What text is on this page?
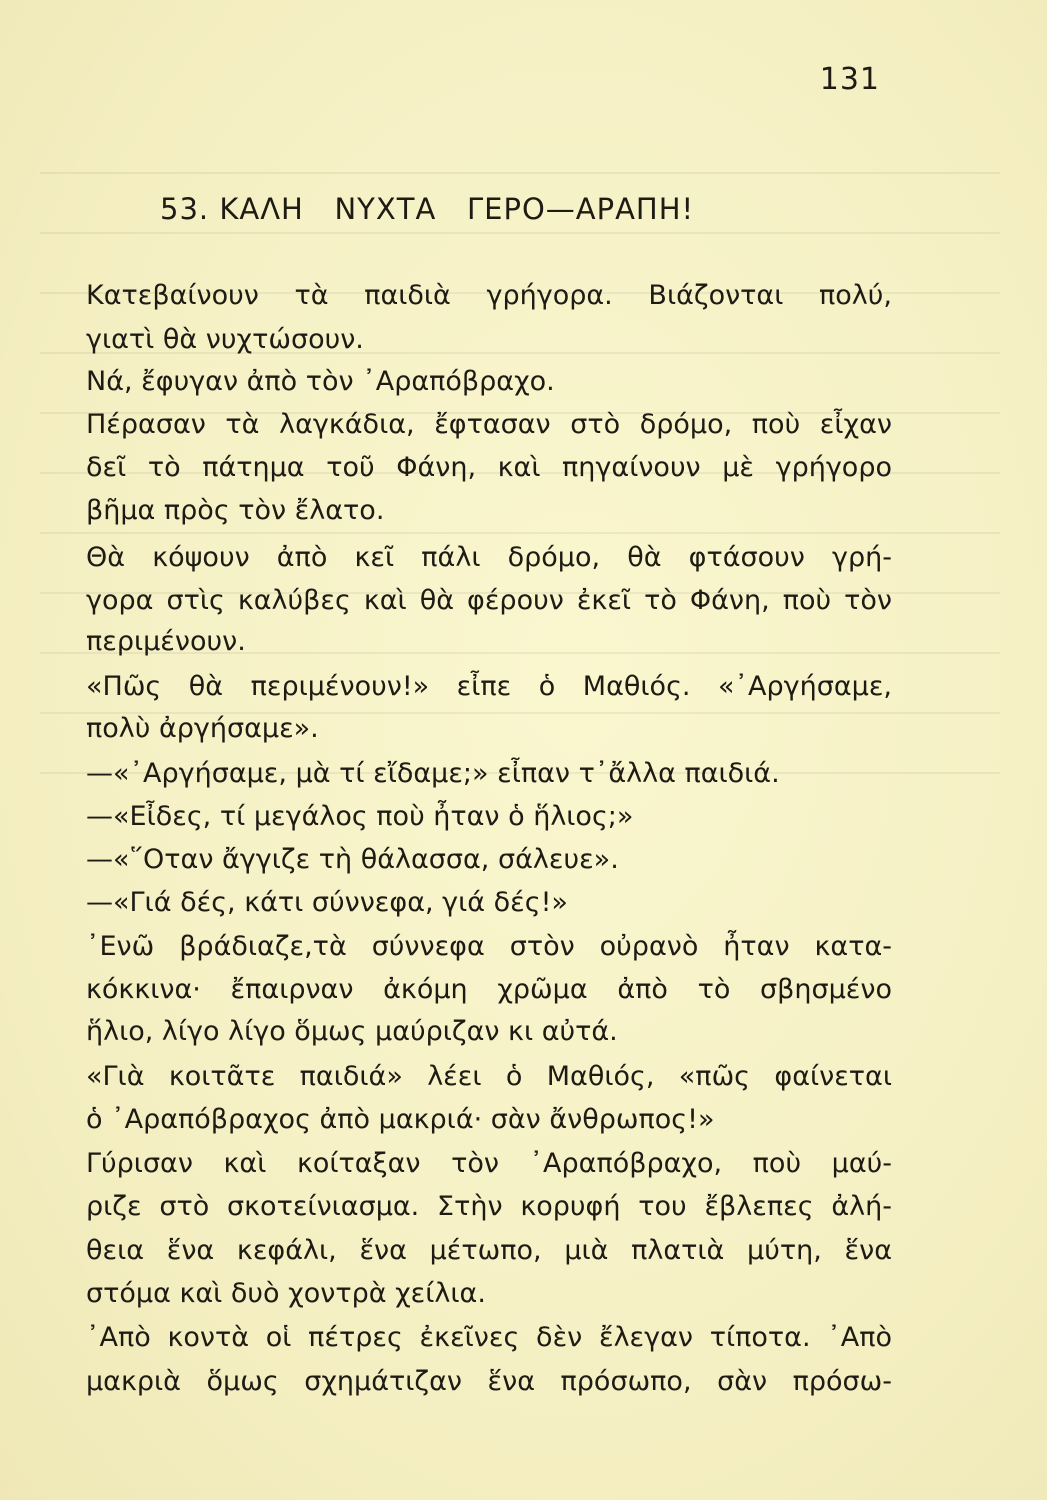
131
53. ΚΑΛΗ   ΝΥΧΤΑ   ΓΕΡΟ—ΑΡΑΠΗ!
Κατεβαίνουν τὰ παιδιὰ γρήγορα. Βιάζονται πολύ,
γιατὶ θὰ νυχτώσουν.
Νά, ἔφυγαν ἀπὸ τὸν ᾿Αραπόβραχο.
Πέρασαν τὰ λαγκάδια, ἔφτασαν στὸ δρόμο, ποὺ εἶχαν
δεῖ τὸ πάτημα τοῦ Φάνη, καὶ πηγαίνουν μὲ γρήγορο
βῆμα πρὸς τὸν ἔλατο.
Θὰ κόψουν ἀπὸ κεῖ πάλι δρόμο, θὰ φτάσουν γρή-
γορα στὶς καλύβες καὶ θὰ φέρουν ἐκεῖ τὸ Φάνη, ποὺ τὸν
περιμένουν.
«Πῶς θὰ περιμένουν!» εἶπε ὁ Μαθιός. «᾿Αργήσαμε,
πολὺ ἀργήσαμε».
—«᾿Αργήσαμε, μὰ τί εἴδαμε;» εἶπαν τ᾿ἄλλα παιδιά.
—«Εἶδες, τί μεγάλος ποὺ ἦταν ὁ ἥλιος;»
—«῞Οταν ἄγγιζε τὴ θάλασσα, σάλευε».
—«Γιά δές, κάτι σύννεφα, γιά δές!»
᾿Ενῶ βράδιαζε,τὰ σύννεφα στὸν οὐρανὸ ἦταν κατα-
κόκκινα· ἔπαιρναν ἀκόμη χρῶμα ἀπὸ τὸ σβησμένο
ἥλιο, λίγο λίγο ὅμως μαύριζαν κι αὐτά.
«Γιὰ κοιτᾶτε παιδιά» λέει ὁ Μαθιός, «πῶς φαίνεται
ὁ ᾿Αραπόβραχος ἀπὸ μακριά· σὰν ἄνθρωπος!»
Γύρισαν καὶ κοίταξαν τὸν ᾿Αραπόβραχο, ποὺ μαύ-
ριζε στὸ σκοτείνιασμα. Στὴν κορυφή του ἔβλεπες ἀλή-
θεια ἕνα κεφάλι, ἕνα μέτωπο, μιὰ πλατιὰ μύτη, ἕνα
στόμα καὶ δυὸ χοντρὰ χείλια.
᾿Απὸ κοντὰ οἱ πέτρες ἐκεῖνες δὲν ἔλεγαν τίποτα. ᾿Απὸ
μακριὰ ὅμως σχημάτιζαν ἕνα πρόσωπο, σὰν πρόσω-
